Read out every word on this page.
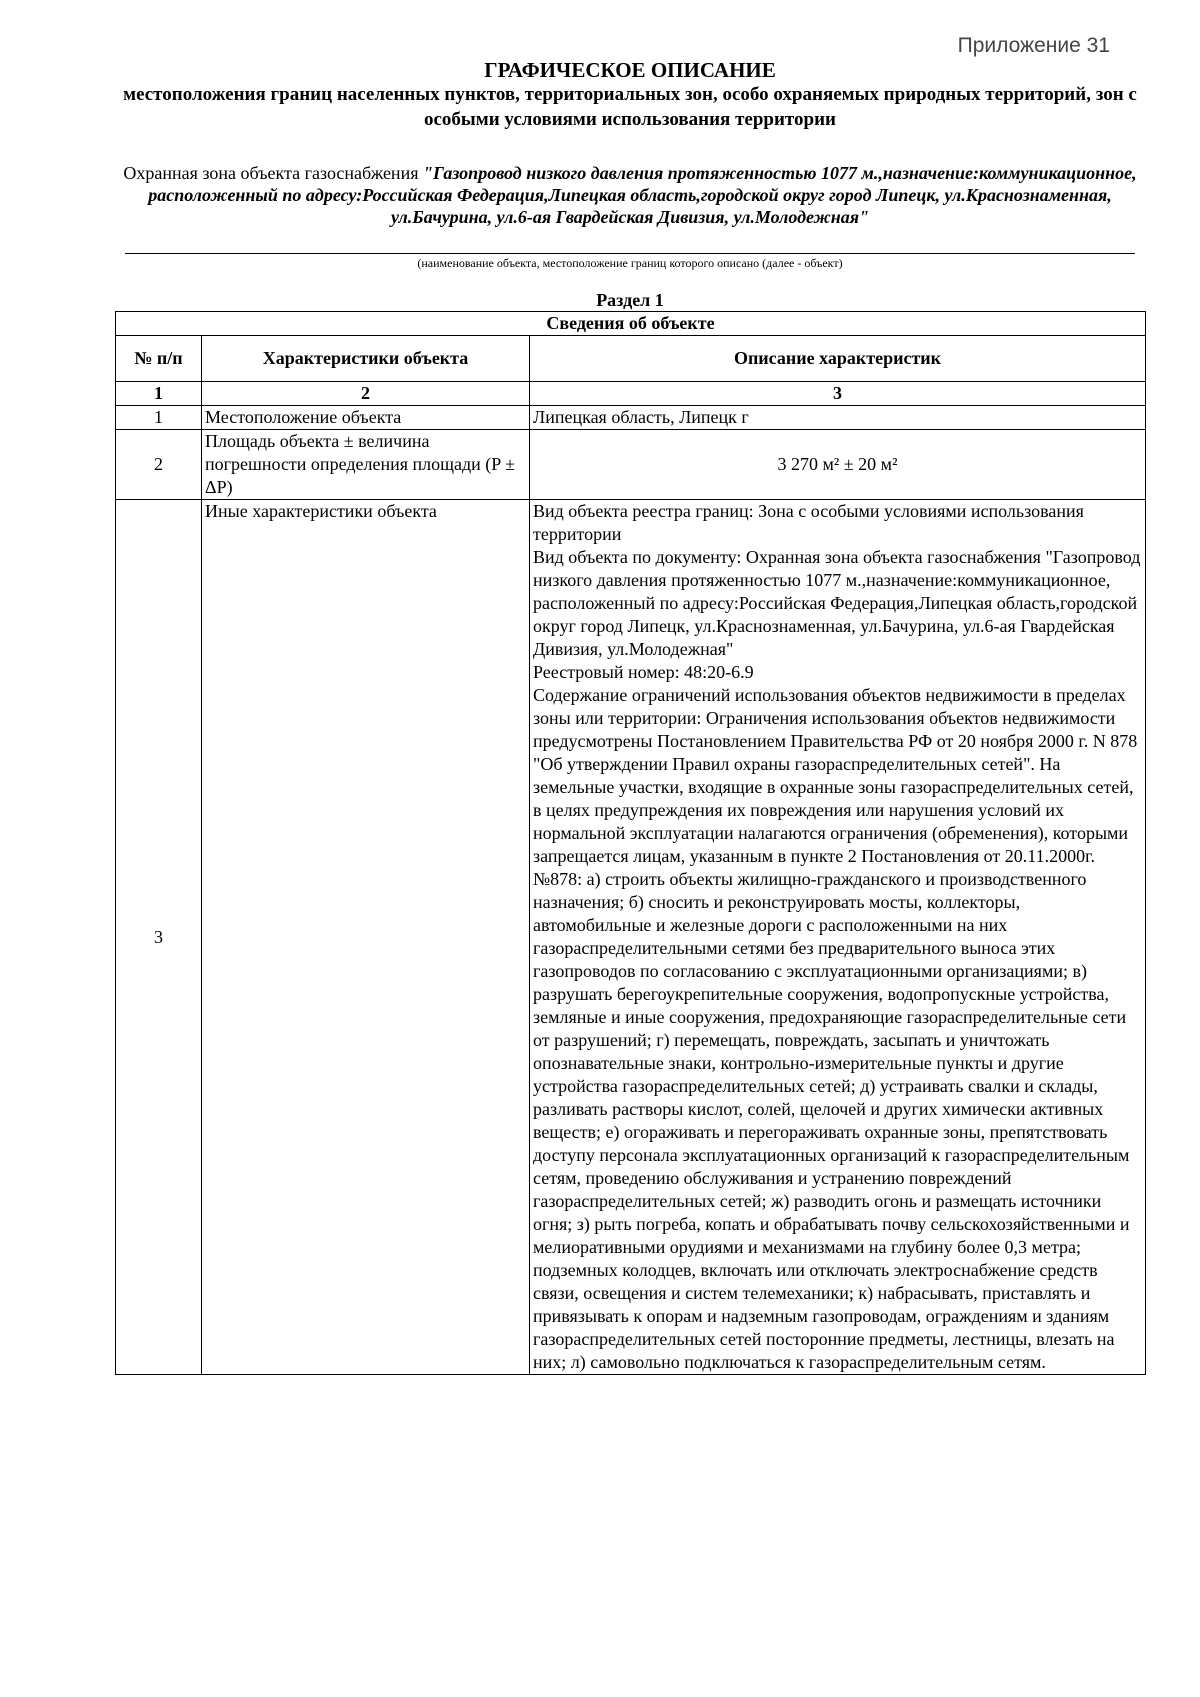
Приложение 31
ГРАФИЧЕСКОЕ ОПИСАНИЕ
местоположения границ населенных пунктов, территориальных зон, особо охраняемых природных территорий, зон с особыми условиями использования территории
Охранная зона объекта газоснабжения "Газопровод низкого давления протяженностью 1077 м.,назначение:коммуникационное, расположенный по адресу:Российская Федерация,Липецкая область,городской округ город Липецк, ул.Краснознаменная, ул.Бачурина, ул.6-ая Гвардейская Дивизия, ул.Молодежная"
(наименование объекта, местоположение границ которого описано (далее - объект)
Раздел 1
Сведения об объекте		
№ п/п	Характеристики объекта	Описание характеристик
1	2	3
1	Местоположение объекта	Липецкая область, Липецк г
2	Площадь объекта ± величина погрешности определения площади (P ± ΔP)	3 270 м² ± 20 м²
3	Иные характеристики объекта	Вид объекта реестра границ: Зона с особыми условиями использования территории
Вид объекта по документу: Охранная зона объекта газоснабжения "Газопровод низкого давления протяженностью 1077 м.,назначение:коммуникационное, расположенный по адресу:Российская Федерация,Липецкая область,городской округ город Липецк, ул.Краснознаменная, ул.Бачурина, ул.6-ая Гвардейская Дивизия, ул.Молодежная"
Реестровый номер: 48:20-6.9
Содержание ограничений использования объектов недвижимости в пределах зоны или территории: Ограничения использования объектов недвижимости предусмотрены Постановлением Правительства РФ от 20 ноября 2000 г. N 878 "Об утверждении Правил охраны газораспределительных сетей". На земельные участки, входящие в охранные зоны газораспределительных сетей, в целях предупреждения их повреждения или нарушения условий их нормальной эксплуатации налагаются ограничения (обременения), которыми запрещается лицам, указанным в пункте 2 Постановления от 20.11.2000г. №878: а) строить объекты жилищно-гражданского и производственного назначения; б) сносить и реконструировать мосты, коллекторы, автомобильные и железные дороги с расположенными на них газораспределительными сетями без предварительного выноса этих газопроводов по согласованию с эксплуатационными организациями; в) разрушать берегоукрепительные сооружения, водопропускные устройства, земляные и иные сооружения, предохраняющие газораспределительные сети от разрушений; г) перемещать, повреждать, засыпать и уничтожать опознавательные знаки, контрольно-измерительные пункты и другие устройства газораспределительных сетей; д) устраивать свалки и склады, разливать растворы кислот, солей, щелочей и других химически активных веществ; е) огораживать и перегораживать охранные зоны, препятствовать доступу персонала эксплуатационных организаций к газораспределительным сетям, проведению обслуживания и устранению повреждений газораспределительных сетей; ж) разводить огонь и размещать источники огня; з) рыть погреба, копать и обрабатывать почву сельскохозяйственными и мелиоративными орудиями и механизмами на глубину более 0,3 метра; подземных колодцев, включать или отключать электроснабжение средств связи, освещения и систем телемеханики; к) набрасывать, приставлять и привязывать к опорам и надземным газопроводам, ограждениям и зданиям газораспределительных сетей посторонние предметы, лестницы, влезать на них; л) самовольно подключаться к газораспределительным сетям.
